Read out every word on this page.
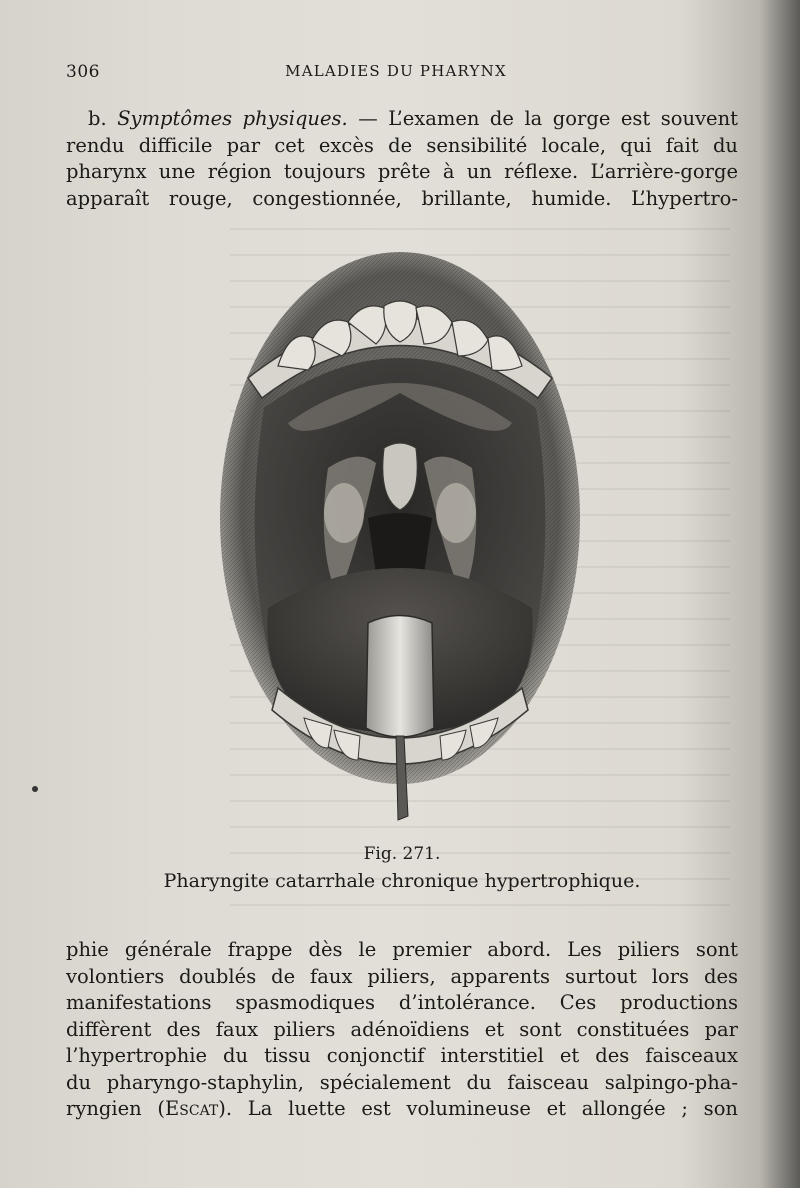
306	MALADIES DU PHARYNX
b. Symptômes physiques. — L’examen de la gorge est souvent
rendu difficile par cet excès de sensibilité locale, qui fait du
pharynx une région toujours prête à un réflexe. L’arrière-gorge
apparaît rouge, congestionnée, brillante, humide. L’hypertro-
Fig. 271.
Pharyngite catarrhale chronique hypertrophique.
phie générale frappe dès le premier abord. Les piliers sont
volontiers doublés de faux piliers, apparents surtout lors des
manifestations spasmodiques d’intolérance. Ces productions
diffèrent des faux piliers adénoïdiens et sont constituées par
l’hypertrophie du tissu conjonctif interstitiel et des faisceaux
du pharyngo-staphylin, spécialement du faisceau salpingo-pha-
ryngien (Escat). La luette est volumineuse et allongée ; son
